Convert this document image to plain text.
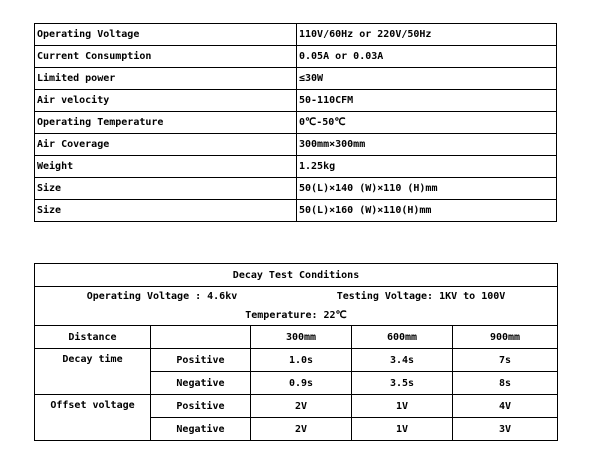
Operating Voltage	110V/60Hz or 220V/50Hz
Current Consumption	0.05A or 0.03A
Limited power	≤30W
Air velocity	50-110CFM
Operating Temperature	0℃-50℃
Air Coverage	300mm×300mm
Weight	1.25kg
Size	50(L)×140 (W)×110 (H)mm
Size	50(L)×160 (W)×110(H)mm
Decay Test Conditions				

Operating Voltage : 4.6kv Testing Voltage: 1KV to 100V				

Temperature: 22℃				
Distance		300mm	600mm	900mm
Decay time	Positive	1.0s	3.4s	7s
	Negative	0.9s	3.5s	8s
Offset voltage	Positive	2V	1V	4V
	Negative	2V	1V	3V
